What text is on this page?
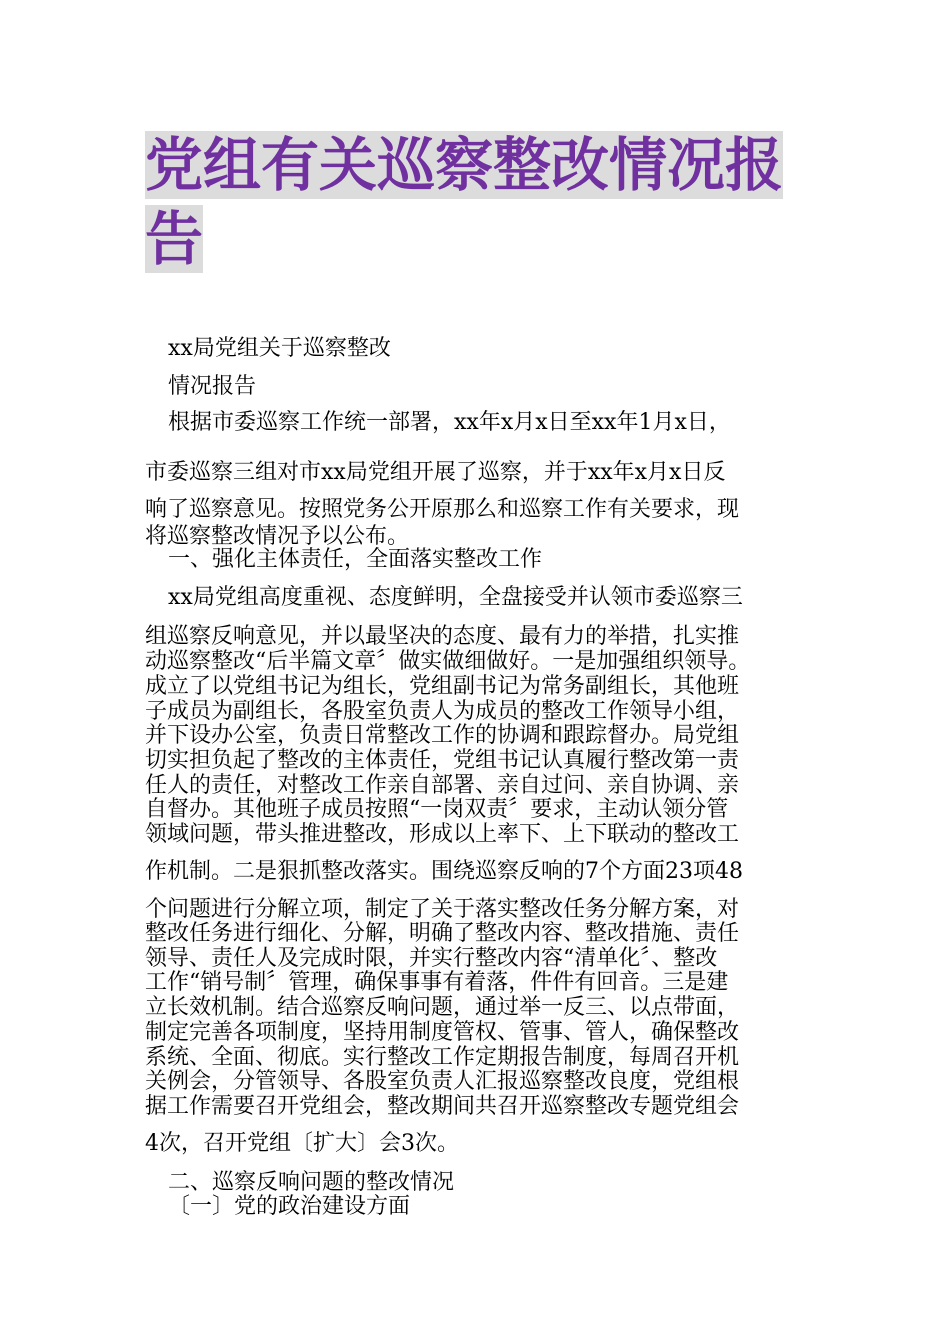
党组有关巡察整改情况报告
xx局党组关于巡察整改
情况报告
根据市委巡察工作统一部署，xx年x月x日至xx年1月x日，
市委巡察三组对市xx局党组开展了巡察，并于xx年x月x日反
响了巡察意见。按照党务公开原那么和巡察工作有关要求，现
将巡察整改情况予以公布。
一、强化主体责任，全面落实整改工作
xx局党组高度重视、态度鲜明，全盘接受并认领市委巡察三
组巡察反响意见，并以最坚决的态度、最有力的举措，扎实推
动巡察整改“后半篇文章〞做实做细做好。一是加强组织领导。
成立了以党组书记为组长，党组副书记为常务副组长，其他班
子成员为副组长，各股室负责人为成员的整改工作领导小组，
并下设办公室，负责日常整改工作的协调和跟踪督办。局党组
切实担负起了整改的主体责任，党组书记认真履行整改第一责
任人的责任，对整改工作亲自部署、亲自过问、亲自协调、亲
自督办。其他班子成员按照“一岗双责〞要求，主动认领分管
领域问题，带头推进整改，形成以上率下、上下联动的整改工
作机制。二是狠抓整改落实。围绕巡察反响的7个方面23项48
个问题进行分解立项，制定了关于落实整改任务分解方案，对
整改任务进行细化、分解，明确了整改内容、整改措施、责任
领导、责任人及完成时限，并实行整改内容“清单化〞、整改
工作“销号制〞管理，确保事事有着落，件件有回音。三是建
立长效机制。结合巡察反响问题，通过举一反三、以点带面，
制定完善各项制度，坚持用制度管权、管事、管人，确保整改
系统、全面、彻底。实行整改工作定期报告制度，每周召开机
关例会，分管领导、各股室负责人汇报巡察整改良度，党组根
据工作需要召开党组会，整改期间共召开巡察整改专题党组会
4次，召开党组〔扩大〕会3次。
二、巡察反响问题的整改情况
〔一〕党的政治建设方面
